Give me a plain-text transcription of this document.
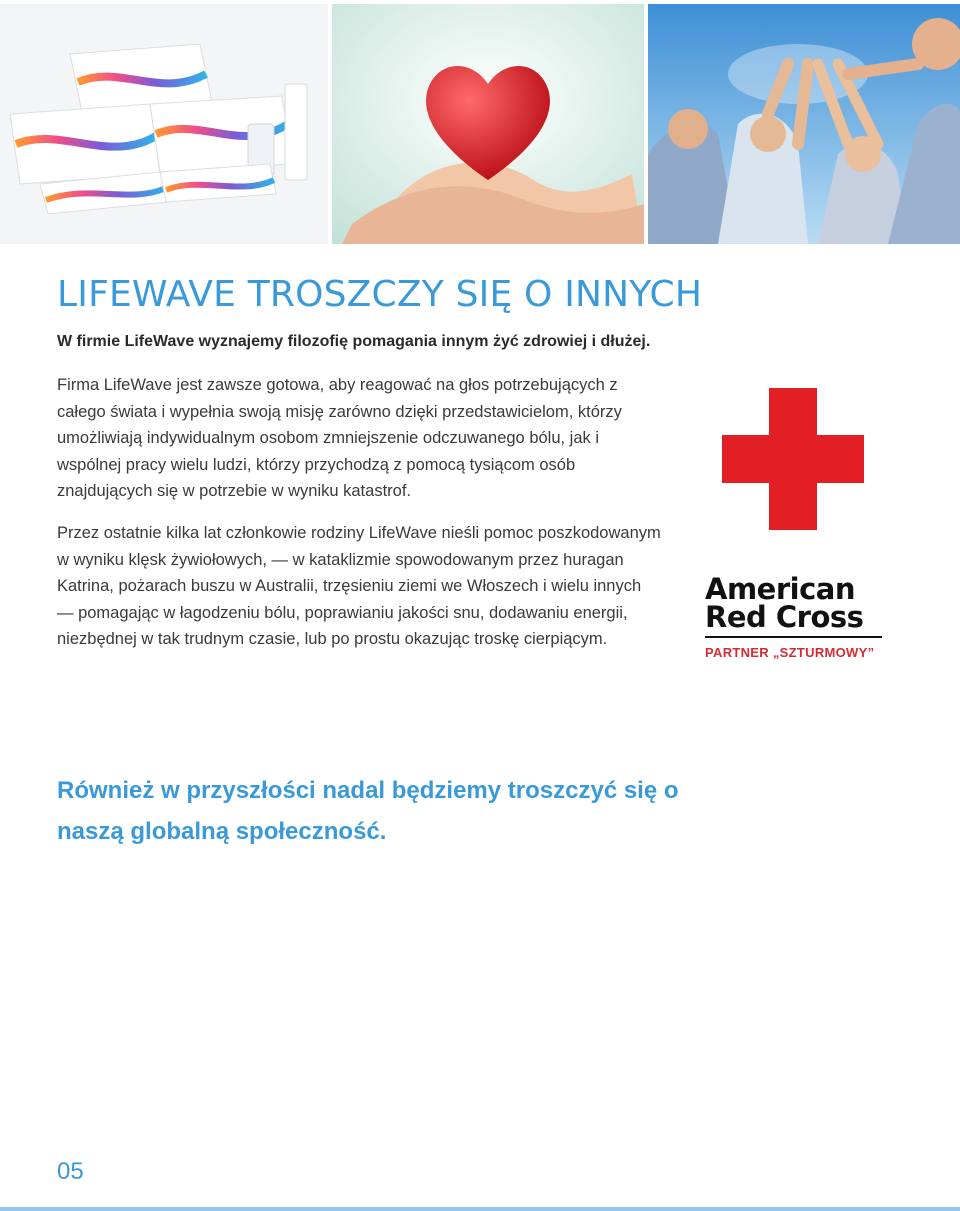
LIFEWAVE TROSZCZY SIĘ O INNYCH
W firmie LifeWave wyznajemy filozofię pomagania innym żyć zdrowiej i dłużej.
Firma LifeWave jest zawsze gotowa, aby reagować na głos potrzebujących z całego świata i wypełnia swoją misję zarówno dzięki przedstawicielom, którzy umożliwiają indywidualnym osobom zmniejszenie odczuwanego bólu, jak i wspólnej pracy wielu ludzi, którzy przychodzą z pomocą tysiącom osób znajdujących się w potrzebie w wyniku katastrof.
Przez ostatnie kilka lat członkowie rodziny LifeWave nieśli pomoc poszkodowanym w wyniku klęsk żywiołowych, — w kataklizmie spowodowanym przez huragan Katrina, pożarach buszu w Australii, trzęsieniu ziemi we Włoszech i wielu innych — pomagając w łagodzeniu bólu, poprawianiu jakości snu, dodawaniu energii, niezbędnej w tak trudnym czasie, lub po prostu okazując troskę cierpiącym.
American
Red Cross
PARTNER „SZTURMOWY”
Również w przyszłości nadal będziemy troszczyć się o naszą globalną społeczność.
05
